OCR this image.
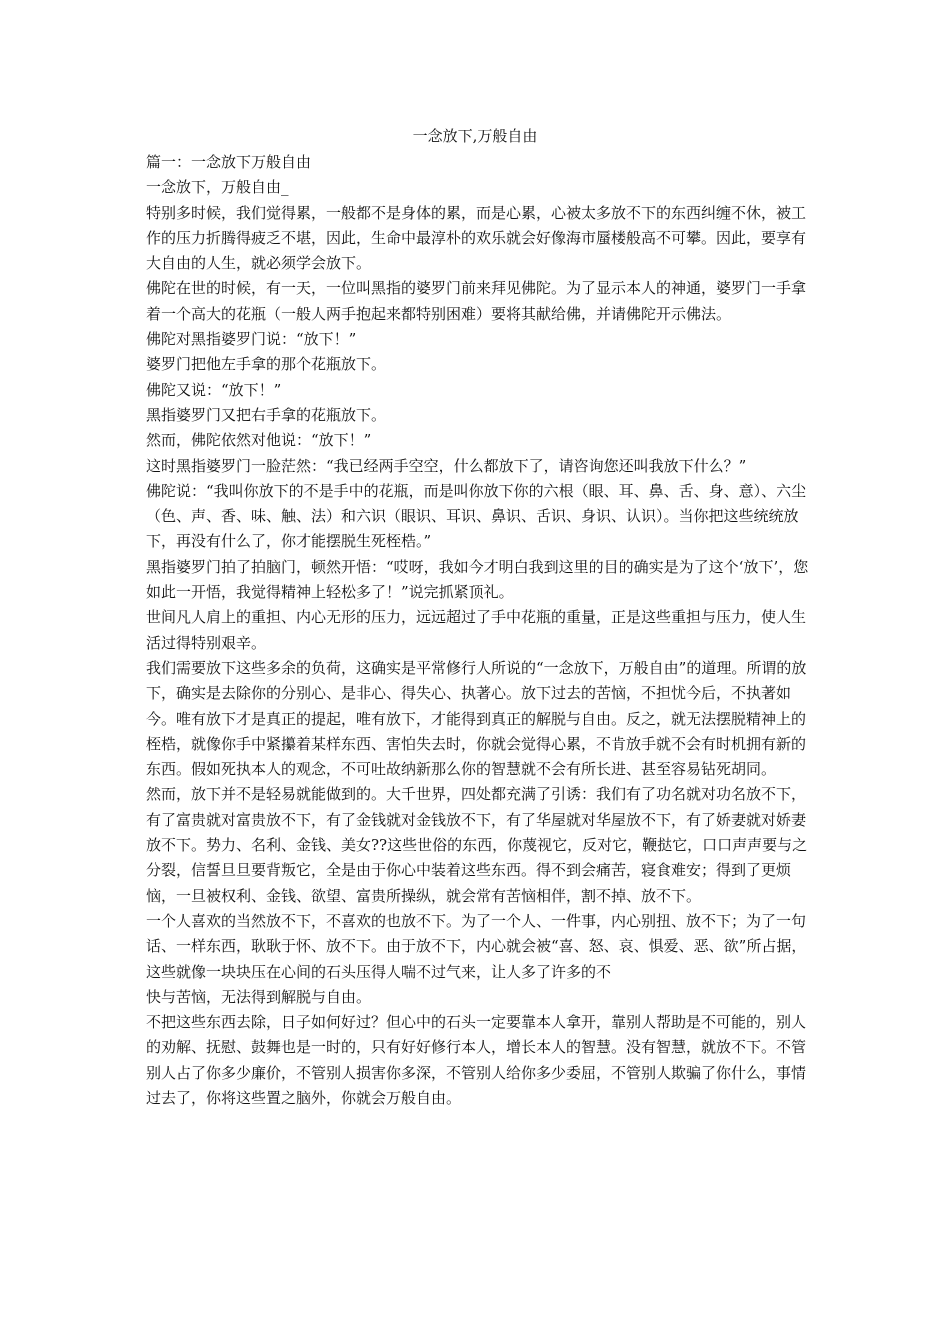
一念放下,万般自由

篇一：一念放下万般自由

一念放下，万般自由_

特别多时候，我们觉得累，一般都不是身体的累，而是心累，心被太多放不下的东西纠缠不休，被工作的压力折腾得疲乏不堪，因此，生命中最淳朴的欢乐就会好像海市蜃楼般高不可攀。因此，要享有大自由的人生，就必须学会放下。

佛陀在世的时候，有一天，一位叫黑指的婆罗门前来拜见佛陀。为了显示本人的神通，婆罗门一手拿着一个高大的花瓶（一般人两手抱起来都特别困难）要将其献给佛，并请佛陀开示佛法。

佛陀对黑指婆罗门说：“放下！”

婆罗门把他左手拿的那个花瓶放下。

佛陀又说：“放下！”

黑指婆罗门又把右手拿的花瓶放下。

然而，佛陀依然对他说：“放下！”

这时黑指婆罗门一脸茫然：“我已经两手空空，什么都放下了，请咨询您还叫我放下什么？”

佛陀说：“我叫你放下的不是手中的花瓶，而是叫你放下你的六根（眼、耳、鼻、舌、身、意）、六尘（色、声、香、味、触、法）和六识（眼识、耳识、鼻识、舌识、身识、认识）。当你把这些统统放下，再没有什么了，你才能摆脱生死桎梏。”

黑指婆罗门拍了拍脑门，顿然开悟：“哎呀，我如今才明白我到这里的目的确实是为了这个‘放下’，您如此一开悟，我觉得精神上轻松多了！”说完抓紧顶礼。

世间凡人肩上的重担、内心无形的压力，远远超过了手中花瓶的重量，正是这些重担与压力，使人生活过得特别艰辛。

我们需要放下这些多余的负荷，这确实是平常修行人所说的“一念放下，万般自由”的道理。所谓的放下，确实是去除你的分别心、是非心、得失心、执著心。放下过去的苦恼，不担忧今后，不执著如今。唯有放下才是真正的提起，唯有放下，才能得到真正的解脱与自由。反之，就无法摆脱精神上的桎梏，就像你手中紧攥着某样东西、害怕失去时，你就会觉得心累，不肯放手就不会有时机拥有新的东西。假如死执本人的观念，不可吐故纳新那么你的智慧就不会有所长进、甚至容易钻死胡同。

然而，放下并不是轻易就能做到的。大千世界，四处都充满了引诱：我们有了功名就对功名放不下，有了富贵就对富贵放不下，有了金钱就对金钱放不下，有了华屋就对华屋放不下，有了娇妻就对娇妻放不下。势力、名利、金钱、美女??这些世俗的东西，你蔑视它，反对它，鞭挞它，口口声声要与之分裂，信誓旦旦要背叛它，全是由于你心中装着这些东西。得不到会痛苦，寝食难安；得到了更烦恼，一旦被权利、金钱、欲望、富贵所操纵，就会常有苦恼相伴，割不掉、放不下。

一个人喜欢的当然放不下，不喜欢的也放不下。为了一个人、一件事，内心别扭、放不下；为了一句话、一样东西，耿耿于怀、放不下。由于放不下，内心就会被“喜、怒、哀、惧爱、恶、欲”所占据，这些就像一块块压在心间的石头压得人喘不过气来，让人多了许多的不

快与苦恼，无法得到解脱与自由。

不把这些东西去除，日子如何好过？但心中的石头一定要靠本人拿开，靠别人帮助是不可能的，别人的劝解、抚慰、鼓舞也是一时的，只有好好修行本人，增长本人的智慧。没有智慧，就放不下。不管别人占了你多少廉价，不管别人损害你多深，不管别人给你多少委屈，不管别人欺骗了你什么，事情过去了，你将这些置之脑外，你就会万般自由。
